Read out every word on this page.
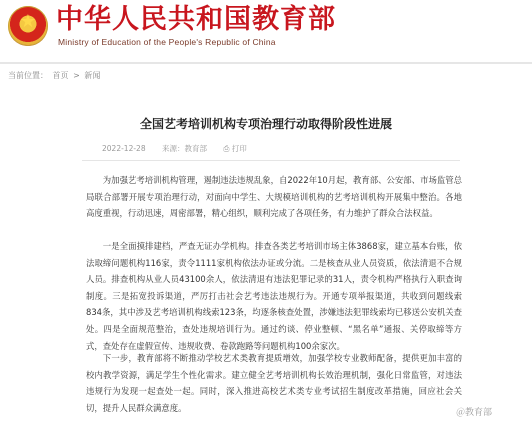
★
中华人民共和国教育部
Ministry of Education of the People's Republic of China
当前位置： 首页 > 新闻
全国艺考培训机构专项治理行动取得阶段性进展
2022-12-28 来源：教育部 ⎙ 打印

为加强艺考培训机构管理，遏制违法违规乱象，自2022年10月起，教育部、公安部、市场监管总局联合部署开展专项治理行动，对面向中学生、大规模培训机构的艺考培训机构开展集中整治。各地高度重视，行动迅速，周密部署，精心组织，顺利完成了各项任务，有力维护了群众合法权益。

一是全面摸排建档，严查无证办学机构。排查各类艺考培训市场主体3868家，建立基本台账，依法取缔问题机构116家，责令1111家机构依法办证或分流。二是核查从业人员资质，依法清退不合规人员。排查机构从业人员43100余人，依法清退有违法犯罪记录的31人，责令机构严格执行入职查询制度。三是拓宽投诉渠道，严厉打击社会艺考违法违规行为。开通专项举报渠道，共收到问题线索834条，其中涉及艺考培训机构线索123条，均逐条核查处置，涉嫌违法犯罪线索均已移送公安机关查处。四是全面规范整治，查处违规培训行为。通过约谈、停业整顿、“黑名单”通报、关停取缔等方式，查处存在虚假宣传、违规收费、卷款跑路等问题机构100余家次。

下一步，教育部将不断推动学校艺术类教育提质增效，加强学校专业教师配备，提供更加丰富的校内教学资源，满足学生个性化需求。建立健全艺考培训机构长效治理机制，强化日常监管，对违法违规行为发现一起查处一起。同时，深入推进高校艺术类专业考试招生制度改革措施，回应社会关切，提升人民群众满意度。

＠教育部
